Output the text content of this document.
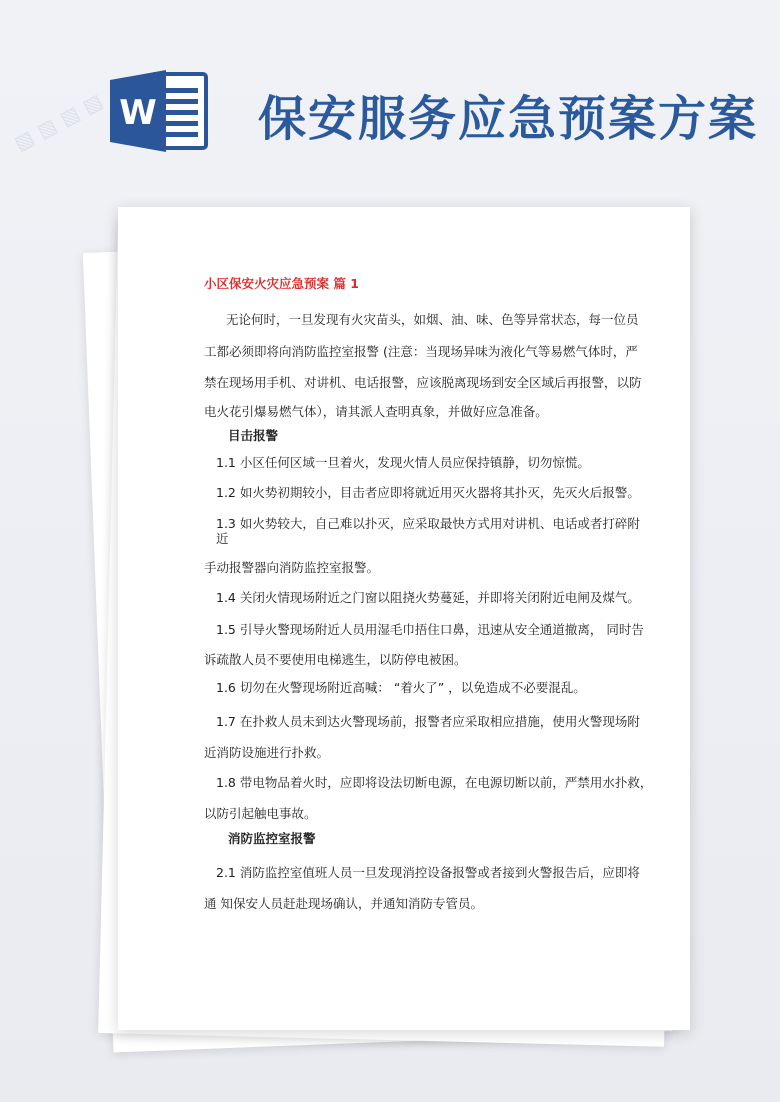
▧ ▧ ▧ ▧ W 保安服务应急预案方案
小区保安火灾应急预案 篇 1
无论何时，一旦发现有火灾苗头，如烟、油、味、色等异常状态，每一位员
工都必须即将向消防监控室报警 (注意：当现场异味为液化气等易燃气体时，严
禁在现场用手机、对讲机、电话报警，应该脱离现场到安全区域后再报警，以防
电火花引爆易燃气体），请其派人查明真象，并做好应急准备。
目击报警
1.1 小区任何区域一旦着火，发现火情人员应保持镇静，切勿惊慌。
1.2 如火势初期较小，目击者应即将就近用灭火器将其扑灭，先灭火后报警。
1.3 如火势较大，自己难以扑灭，应采取最快方式用对讲机、电话或者打碎附
近
手动报警器向消防监控室报警。
1.4 关闭火情现场附近之门窗以阻挠火势蔓延，并即将关闭附近电闸及煤气。
1.5 引导火警现场附近人员用湿毛巾捂住口鼻，迅速从安全通道撤离， 同时告
诉疏散人员不要使用电梯逃生，以防停电被困。
1.6 切勿在火警现场附近高喊： “着火了” ，以免造成不必要混乱。
1.7 在扑救人员未到达火警现场前，报警者应采取相应措施，使用火警现场附
近消防设施进行扑救。
1.8 带电物品着火时，应即将设法切断电源，在电源切断以前，严禁用水扑救，
以防引起触电事故。
消防监控室报警
2.1 消防监控室值班人员一旦发现消控设备报警或者接到火警报告后，应即将
通 知保安人员赶赴现场确认，并通知消防专管员。
